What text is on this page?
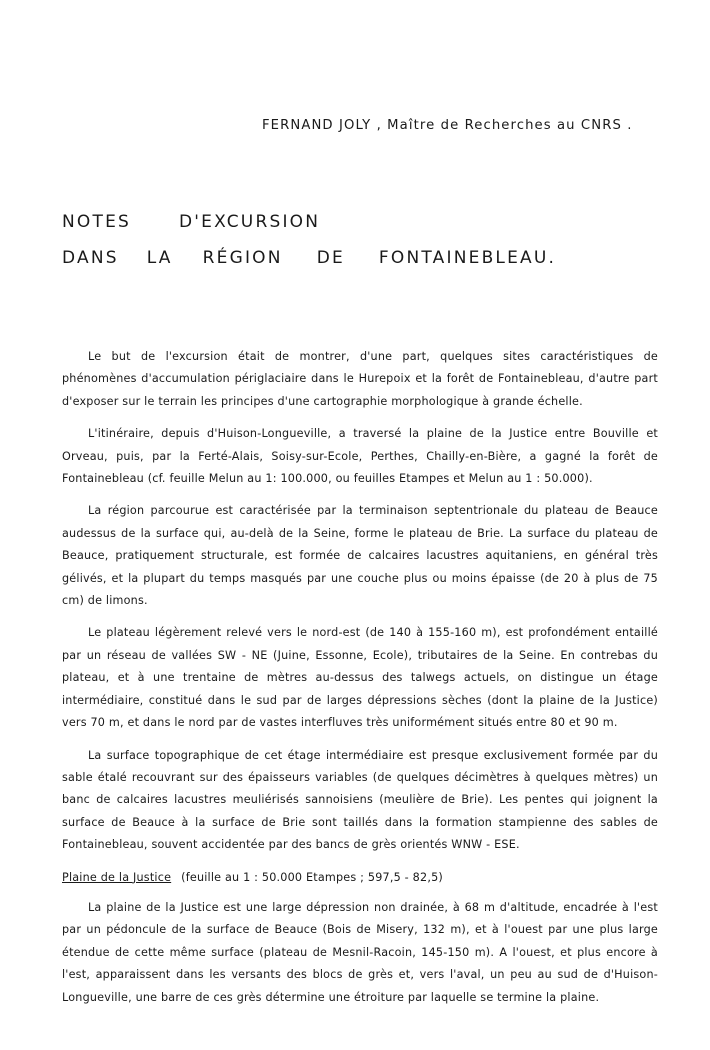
FERNAND JOLY , Maître de Recherches au CNRS .
NOTES	D'EXCURSION
DANS LA RÉGION DE FONTAINEBLEAU.

Le but de l'excursion était de montrer, d'une part, quelques sites caractéristiques de phénomènes d'accumulation périglaciaire dans le Hurepoix et la forêt de Fontainebleau, d'autre part d'exposer sur le terrain les principes d'une cartographie morphologique à grande échelle.

L'itinéraire, depuis d'Huison-Longueville, a traversé la plaine de la Justice entre Bouville et Orveau, puis, par la Ferté-Alais, Soisy-sur-Ecole, Perthes, Chailly-en-Bière, a gagné la forêt de Fontainebleau (cf. feuille Melun au 1: 100.000, ou feuilles Etampes et Melun au 1 : 50.000).

La région parcourue est caractérisée par la terminaison septentrionale du plateau de Beauce audessus de la surface qui, au-delà de la Seine, forme le plateau de Brie. La surface du plateau de Beauce, pratiquement structurale, est formée de calcaires lacustres aquitaniens, en général très gélivés, et la plupart du temps masqués par une couche plus ou moins épaisse (de 20 à plus de 75 cm) de limons.

Le plateau légèrement relevé vers le nord-est (de 140 à 155-160 m), est profondément entaillé par un réseau de vallées SW - NE (Juine, Essonne, Ecole), tributaires de la Seine. En contrebas du plateau, et à une trentaine de mètres au-dessus des talwegs actuels, on distingue un étage intermédiaire, constitué dans le sud par de larges dépressions sèches (dont la plaine de la Justice) vers 70 m, et dans le nord par de vastes interfluves très uniformément situés entre 80 et 90 m.

La surface topographique de cet étage intermédiaire est presque exclusivement formée par du sable étalé recouvrant sur des épaisseurs variables (de quelques décimètres à quelques mètres) un banc de calcaires lacustres meuliérisés sannoisiens (meulière de Brie). Les pentes qui joignent la surface de Beauce à la surface de Brie sont taillés dans la formation stampienne des sables de Fontainebleau, souvent accidentée par des bancs de grès orientés WNW - ESE.

Plaine de la Justice (feuille au 1 : 50.000 Etampes ; 597,5 - 82,5)

La plaine de la Justice est une large dépression non drainée, à 68 m d'altitude, encadrée à l'est par un pédoncule de la surface de Beauce (Bois de Misery, 132 m), et à l'ouest par une plus large étendue de cette même surface (plateau de Mesnil-Racoin, 145-150 m). A l'ouest, et plus encore à l'est, apparaissent dans les versants des blocs de grès et, vers l'aval, un peu au sud de d'Huison-Longueville, une barre de ces grès détermine une étroiture par laquelle se termine la plaine.
